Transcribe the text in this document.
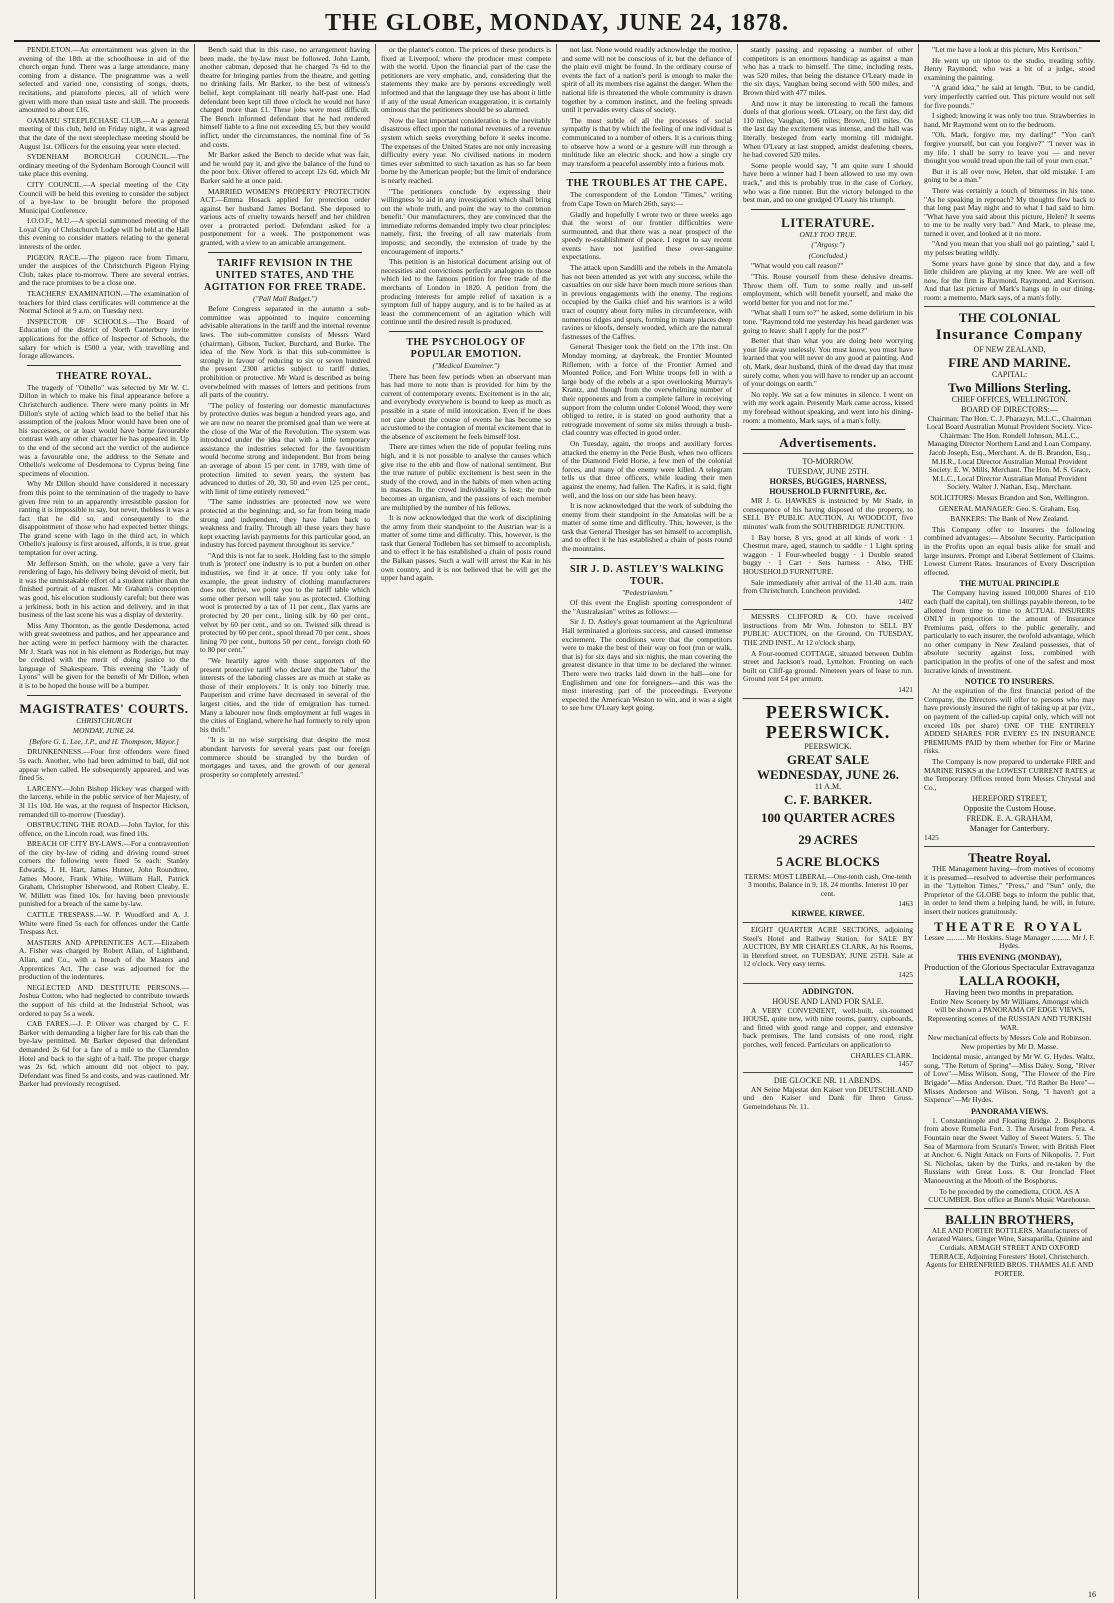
THE GLOBE, MONDAY, JUNE 24, 1878.

PENDLETON.—An entertainment was given in the evening of the 18th at the schoolhouse in aid of the church organ fund. There was a large attendance, many coming from a distance. The programme was a well selected and varied one, consisting of songs, duets, recitations, and pianoforte pieces, all of which were given with more than usual taste and skill. The proceeds amounted to about £16.

OAMARU STEEPLECHASE CLUB.—At a general meeting of this club, held on Friday night, it was agreed that the date of the next steeplechase meeting should be August 1st. Officers for the ensuing year were elected.

SYDENHAM BOROUGH COUNCIL.—The ordinary meeting of the Sydenham Borough Council will take place this evening.

CITY COUNCIL.—A special meeting of the City Council will be held this evening to consider the subject of a bye-law to be brought before the proposed Municipal Conference.

I.O.O.F., M.U.—A special summoned meeting of the Loyal City of Christchurch Lodge will be held at the Hall this evening to consider matters relating to the general interests of the order.

PIGEON RACE.—The pigeon race from Timaru, under the auspices of the Christchurch Pigeon Flying Club, takes place to-morrow. There are several entries, and the race promises to be a close one.

TEACHERS' EXAMINATION.—The examination of teachers for third class certificates will commence at the Normal School at 9 a.m. on Tuesday next.

INSPECTOR OF SCHOOLS.—The Board of Education of the district of North Canterbury invite applications for the office of Inspector of Schools, the salary for which is £500 a year, with travelling and forage allowances.

THEATRE ROYAL.

The tragedy of "Othello" was selected by Mr W. C. Dillon in which to make his final appearance before a Christchurch audience. There were many points in Mr Dillon's style of acting which lead to the belief that his assumption of the jealous Moor would have been one of his successes, or at least would have borne favourable contrast with any other character he has appeared in. Up to the end of the second act the verdict of the audience was a favourable one, the address to the Senate and Othello's welcome of Desdemona to Cyprus being fine specimens of elocution.

Why Mr Dillon should have considered it necessary from this point to the termination of the tragedy to have given free rein to an apparently irresistible passion for ranting it is impossible to say, but never, thebless it was a fact that he did so, and consequently to the disappointment of those who had expected better things. The grand scene with Iago in the third act, in which Othello's jealousy is first aroused, affords, it is true, great temptation for over acting.

Mr Jefferson Smith, on the whole, gave a very fair rendering of Iago, his delivery being devoid of merit, but it was the unmistakable effort of a student rather than the finished portrait of a master. Mr Graham's conception was good, his elocution studiously careful; but there was a jerkiness, both in his action and delivery, and in that business of the last scene his was a display of dexterity.

Miss Amy Thornton, as the gentle Desdemona, acted with great sweetness and pathos, and her appearance and her acting were in perfect harmony with the character. Mr J. Stark was not in his element as Roderigo, but may be credited with the merit of doing justice to the language of Shakespeare. This evening the "Lady of Lyons" will be given for the benefit of Mr Dillon, when it is to be hoped the house will be a bumper.

MAGISTRATES' COURTS.
CHRISTCHURCH
MONDAY, JUNE 24.
[Before G. L. Lee, J.P., and H. Thompson, Mayor.]

DRUNKENNESS.—Four first offenders were fined 5s each. Another, who had been admitted to bail, did not appear when called. He subsequently appeared, and was fined 5s.

LARCENY.—John Bishop Hickey was charged with the larceny, while in the public service of her Majesty, of 3l 11s 10d. He was, at the request of Inspector Hickson, remanded till to-morrow (Tuesday).

OBSTRUCTING THE ROAD.—John Taylor, for this offence, on the Lincoln road, was fined 10s.

BREACH OF CITY BY-LAWS.—For a contravention of the city by-law of riding and driving round street corners the following were fined 5s each: Stanley Edwards, J. H. Hart, James Hunter, John Roundtree, James Moore, Frank White, William Hall, Patrick Graham, Christopher Isherwood, and Robert Cleaby. E. W. Millett was fined 10s. for having been previously punished for a breach of the same by-law.

CATTLE TRESPASS.—W. P. Woodford and A. J. White were fined 5s each for offences under the Cattle Trespass Act.

MASTERS AND APPRENTICES ACT.—Elizabeth A. Fisher was charged by Robert Allan, of Lightband, Allan, and Co., with a breach of the Masters and Apprentices Act. The case was adjourned for the production of the indentures.

NEGLECTED AND DESTITUTE PERSONS.—Joshua Cotton, who had neglected to contribute towards the support of his child at the Industrial School, was ordered to pay 5s a week.

CAB FARES.—J. P. Oliver was charged by C. F. Barker with demanding a higher fare for his cab than the bye-law permitted. Mr Barker deposed that defendant demanded 2s 6d for a fare of a mile to the Clarendon Hotel and back to the sight of a half. The proper charge was 2s 6d, which amount did not object to pay. Defendant was fined 5s and costs, and was cautioned. Mr Barker had previously recognised.

Bench said that in this case, no arrangement having been made, the by-law must be followed. John Lamb, another cabman, deposed that he charged 7s 6d to the theatre for bringing parties from the theatre, and getting no drinking fails. Mr Barker, to the best of witness's belief, kept complainant till nearly half-past one. Had defendant been kept till three o'clock he would not have charged more than £1. These jobs were most difficult. The Bench informed defendant that he had rendered himself liable to a fine not exceeding £5, but they would inflict, under the circumstances, the nominal fine of 5s and costs.

Mr Barker asked the Bench to decide what was fair, and he would pay it, and give the balance of the fund to the poor box. Oliver offered to accept 12s 6d, which Mr Barker said he at once paid.

MARRIED WOMEN'S PROPERTY PROTECTION ACT.—Emma Hosack applied for protection order against her husband James Borland. She deposed to various acts of cruelty towards herself and her children over a protracted period. Defendant asked for a postponement for a week. The postponement was granted, with a view to an amicable arrangement.

TARIFF REVISION IN THE UNITED STATES, AND THE AGITATION FOR FREE TRADE.
("Pall Mall Budget.")

Before Congress separated in the autumn a sub-committee was appointed to inquire concerning advisable alterations in the tariff and the internal revenue laws. The sub-committee consists of Messrs Ward (chairman), Gibson, Tucker, Burchard, and Burke. The idea of the New York is that this sub-committee is strongly in favour of reducing to six or seven hundred the present 2300 articles subject to tariff duties, prohibition or protective. Mr Ward is described as being overwhelmed with masses of letters and petitions from all parts of the country.

"The policy of fostering our domestic manufactures by protective duties was begun a hundred years ago, and we are now no nearer the promised goal than we were at the close of the War of the Revolution. The system was introduced under the idea that with a little temporary assistance the industries selected for the favouritism would become strong and independent. But from being an average of about 15 per cent. in 1789, with time of protection limited to seven years, the system has advanced to duties of 20, 30, 50 and even 125 per cent., with limit of time entirely removed."

"The same industries are protected now we were protected at the beginning; and, so far from being made strong and independent, they have fallen back to weakness and frailty. Through all these years they have kept exacting lavish payments for this particular good, an industry has forced payment throughout its service."

"And this is not far to seek. Holding fast to the simple truth is 'protect' one industry is to put a burden on other industries, we find it at once. If you only take for example, the great industry of clothing manufacturers does not thrive, we point you to the tariff table which some other person will take you as protected. Clothing wool is protected by a tax of 11 per cent., flax yarns are protected by 20 per cent., lining silk by 60 per cent., velvet by 60 per cent., and so on. Twisted silk thread is protected by 60 per cent., spool thread 70 per cent., shoes lining 70 per cent., buttons 50 per cent., foreign cloth 60 to 80 per cent."

"We heartily agree with those supporters of the present protective tariff who declare that the 'labor' the interests of the laboring classes are as much at stake as those of their employers.' It is only too bitterly true. Pauperism and crime have decreased in several of the largest cities, and the tide of emigration has turned. Many a labourer now finds employment at full wages in the cities of England, where he had formerly to rely upon his thrift."

"It is in no wise surprising that despite the most abundant harvests for several years past our foreign commerce should be strangled by the burden of mortgages and taxes, and the growth of our general prosperity so completely arrested."

or the planter's cotton. The prices of these products is fixed at Liverpool, where the producer must compete with the world. Upon the financial part of the case the petitioners are very emphatic, and, considering that the statements they make are by persons exceedingly well informed and that the language they use has about it little if any of the usual American exaggeration, it is certainly ominous that the petitioners should be so alarmed.

Now the last important consideration is the inevitably disastrous effect upon the national revenues of a revenue system which seeks everything before it seeks income. The expenses of the United States are not only increasing difficulty every year. No civilised nations in modern times ever submitted to such taxation as has so far been borne by the American people; but the limit of endurance is nearly reached.

"The petitioners conclude by expressing their willingness 'to aid in any investigation which shall bring out the whole truth, and point the way to the common benefit.' Our manufacturers, they are convinced that the immediate reforms demanded imply two clear principles: namely, first, the freeing of all raw materials from imposts; and secondly, the extension of trade by the encouragement of imports."

This petition is an historical document arising out of necessities and convictions perfectly analogous to those which led to the famous petition for free trade of the merchants of London in 1820. A petition from the producing interests for ample relief of taxation is a symptom full of happy augury, and is to be hailed as at least the commencement of an agitation which will continue until the desired result is produced.

THE PSYCHOLOGY OF POPULAR EMOTION.
("Medical Examiner.")

There has been few periods when an observant man has had more to note than is provided for him by the current of contemporary events. Excitement is in the air, and everybody everywhere is bound to keep as much as possible in a state of mild intoxication. Even if he does not care about the course of events he has become so accustomed to the contagion of mental excitement that in the absence of excitement he feels himself lost.

There are times when the tide of popular feeling runs high, and it is not possible to analyse the causes which give rise to the ebb and flow of national sentiment. But the true nature of public excitement is best seen in the study of the crowd, and in the habits of men when acting in masses. In the crowd individuality is lost; the mob becomes an organism, and the passions of each member are multiplied by the number of his fellows.

It is now acknowledged that the work of disciplining the army from their standpoint to the Austrian war is a matter of some time and difficulty. This, however, is the task that General Todleben has set himself to accomplish, and to effect it he has established a chain of posts round the Balkan passes. Such a wall will arrest the Kat in his own country, and it is not believed that he will get the upper hand again.

not last. None would readily acknowledge the motive, and some will not be conscious of it, but the defiance of the plain evil might be found. In the ordinary course of events the fact of a nation's peril is enough to make the spirit of all its members rise against the danger. When the national life is threatened the whole community is drawn together by a common instinct, and the feeling spreads until it pervades every class of society.

The most subtle of all the processes of social sympathy is that by which the feeling of one individual is communicated to a number of others. It is a curious thing to observe how a word or a gesture will run through a multitude like an electric shock, and how a single cry may transform a peaceful assembly into a furious mob.

THE TROUBLES AT THE CAPE.

The correspondent of the London "Times," writing from Cape Town on March 26th, says:—

Gladly and hopefully I wrote two or three weeks ago that the worst of our frontier difficulties were surmounted, and that there was a near prospect of the speedy re-establishment of peace. I regret to say recent events have not justified these over-sanguine expectations.

The attack upon Sandilli and the rebels in the Amatola has not been attended as yet with any success, while the casualties on our side have been much more serious than in previous engagements with the enemy. The regions occupied by the Gaika chief and his warriors is a wild tract of country about forty miles in circumference, with numerous ridges and spurs, forming in many places deep ravines or kloofs, densely wooded, which are the natural fastnesses of the Caffres.

General Thesiger took the field on the 17th inst. On Monday morning, at daybreak, the Frontier Mounted Riflemen, with a force of the Frontier Armed and Mounted Police, and Fort White troops fell in with a large body of the rebels at a spot overlooking Murray's Krantz, and though from the overwhelming number of their opponents and from a complete failure in receiving support from the column under Colonel Wood, they were obliged to retire, it is stated on good authority that a retrograde movement of some six miles through a bush-clad country was effected in good order.

On Tuesday, again, the troops and auxiliary forces attacked the enemy in the Perie Bush, when two officers of the Diamond Field Horse, a few men of the colonial forces, and many of the enemy were killed. A telegram tells us that three officers, while leading their men against the enemy, had fallen. The Kafirs, it is said, fight well, and the loss on our side has been heavy.

It is now acknowledged that the work of subduing the enemy from their standpoint in the Amatolas will be a matter of some time and difficulty. This, however, is the task that General Thesiger has set himself to accomplish, and to effect it he has established a chain of posts round the mountains.

SIR J. D. ASTLEY'S WALKING TOUR.
"Pedestrianism."

Of this event the English sporting correspondent of the "Australasian" writes as follows:—

Sir J. D. Astley's great tournament at the Agricultural Hall terminated a glorious success, and caused immense excitement. The conditions were that the competitors were to make the best of their way on foot (run or walk, that is) for six days and six nights, the man covering the greatest distance in that time to be declared the winner. There were two tracks laid down in the hall—one for Englishmen and one for foreigners—and this was the most interesting part of the proceedings. Everyone expected the American Weston to win, and it was a sight to see how O'Leary kept going.

stantly passing and repassing a number of other competitors is an enormous handicap as against a man who has a track to himself. The time, including rests, was 520 miles, that being the distance O'Leary made in the six days, Vaughan being second with 500 miles, and Brown third with 477 miles.

And now it may be interesting to recall the famous duels of that glorious week. O'Leary, on the first day, did 110 miles; Vaughan, 106 miles; Brown, 101 miles. On the last day the excitement was intense, and the hall was literally besieged from early morning till midnight. When O'Leary at last stopped, amidst deafening cheers, he had covered 520 miles.

Some people would say, "I am quite sure I should have been a winner had I been allowed to use my own track," and this is probably true in the case of Corkey, who was a fine runner. But the victory belonged to the best man, and no one grudged O'Leary his triumph.

LITERATURE.
ONLY TOO TRUE.
("Argosy.")
(Concluded.)

"What would you call reason?"

"This. Rouse yourself from these delusive dreams. Throw them off. Turn to some really and un-self employment, which will benefit yourself, and make the world better for you and not for me."

"What shall I turn to?" he asked, some delirium in his tone. "Raymond told me yesterday his head gardener was going to leave: shall I apply for the post?"

Better that than what you are doing here worrying your life away uselessly. You must know, you must have learned that you will never do any good at painting. And oh, Mark, dear husband, think of the dread day that must surely come, when you will have to render up an account of your doings on earth."

No reply. We sat a few minutes in silence. I went on with my work again. Presently Mark came across, kissed my forehead without speaking, and went into his dining-room: a momento, Mark says, of a man's folly.

Advertisements.
TO-MORROW.
TUESDAY, JUNE 25TH.
HORSES, BUGGIES, HARNESS, HOUSEHOLD FURNITURE, &c.

MR J. G. HAWKES is instructed by Mr Stade, in consequence of his having disposed of the property, to SELL BY PUBLIC AUCTION, At WOODCOT, five minutes' walk from the SOUTHBRIDGE JUNCTION.

1 Bay horse, 8 yrs, good at all kinds of work · 1 Chestnut mare, aged, staunch to saddle · 1 Light spring waggon · 1 Four-wheeled buggy · 1 Double seated buggy · 1 Cart · Sets harness · Also, THE HOUSEHOLD FURNITURE.

Sale immediately after arrival of the 11.40 a.m. train from Christchurch. Luncheon provided.

1402

MESSRS CLIFFORD & CO. have received instructions from Mr Wm. Johnston to SELL BY PUBLIC AUCTION, on the Ground, On TUESDAY, THE 2ND INST., At 12 o'clock sharp,

A Four-roomed COTTAGE, situated between Dublin street and Jackson's road, Lyttelton. Fronting on each built on Cliff-ga ground. Nineteen years of lease to run. Ground rent £4 per annum.

1421
PEERSWICK. PEERSWICK.
PEERSWICK.
GREAT SALE
WEDNESDAY, JUNE 26.
11 A.M.
C. F. BARKER.
100 QUARTER ACRES
29 ACRES
5 ACRE BLOCKS

TERMS: MOST LIBERAL—One-tenth cash, One-tenth 3 months, Balance in 9, 18, 24 months. Interest 10 per cent.

1463
KIRWEE. KIRWEE.

EIGHT QUARTER ACRE SECTIONS, adjoining Steel's Hotel and Railway Station, for SALE BY AUCTION, BY MR CHARLES CLARK, At his Rooms, in Hereford street, on TUESDAY, JUNE 25TH. Sale at 12 o'clock. Very easy terms.

1425
ADDINGTON.
HOUSE AND LAND FOR SALE.

A VERY CONVENIENT, well-built, six-roomed HOUSE, quite new, with nine rooms, pantry, cupboards, and fitted with good range and copper, and extensive back premises. The land consists of one rood, right porches, well fenced. Particulars on application to

CHARLES CLARK.
1457
DIE GLOCKE NR. 11 ABENDS.

AN Seine Majestat den Kaiser von DEUTSCHLAND und den Kaiser und Dank für Ihren Gruss. Gemeindehaus Nr. 11.

"Let me have a look at this picture, Mrs Kerrison."

He went up on tiptoe to the studio, treading softly. Henry Raymond, who was a bit of a judge, stood examining the painting.

"A grand idea," he said at length. "But, to be candid, very imperfectly carried out. This picture would not sell for five pounds."

I sighed; knowing it was only too true. Strawberries in hand, Mr Raymond went on to the bedroom.

"Oh, Mark, forgive me, my darling!" "You can't forgive yourself, but can you forgive?" "I never was in my life. I shall be sorry to leave you — and never thought you would tread upon the tail of your own coat."

But it is all over now, Helen, that old mistake. I am going to be a man."

There was certainly a touch of bitterness in his tone. "As he speaking in reproach? My thoughts flew back to that long past May night and to what I had said to him. "What have you said about this picture, Helen? It seems to me to be really very bad." And Mark, to please me, turned it over, and looked at it no more.

"And you mean that you shall not go painting," said I, my pulses beating wildly.

Some years have gone by since that day, and a few little children are playing at my knee. We are well off now, for the firm is Raymond, Raymond, and Kerrison. And that last picture of Mark's hangs up in our dining-room: a memento, Mark says, of a man's folly.

THE COLONIAL
Insurance Company
OF NEW ZEALAND,
FIRE AND MARINE.
CAPITAL:
Two Millions Sterling.
CHIEF OFFICES, WELLINGTON.
BOARD OF DIRECTORS:—

Chairman: The Hon. C. J. Pharazyn, M.L.C., Chairman Local Board Australian Mutual Provident Society. Vice-Chairman: The Hon. Rondell Johnson, M.L.C., Managing Director Northern Land and Loan Company. Jacob Joseph, Esq., Merchant. A. de B. Brandon, Esq., M.H.R., Local Director Australian Mutual Provident Society. E. W. Mills, Merchant. The Hon. M. S. Grace, M.L.C., Local Director Australian Mutual Provident Society. Walter J. Nathan, Esq., Merchant.

SOLICITORS: Messrs Brandon and Son, Wellington.

GENERAL MANAGER: Geo. S. Graham, Esq.

BANKERS: The Bank of New Zealand.

This Company offer to Insurers the following combined advantages:— Absolute Security. Participation in the Profits upon an equal basis alike for small and large insurers. Prompt and Liberal Settlement of Claims. Lowest Current Rates. Insurances of Every Description effected.

THE MUTUAL PRINCIPLE

The Company having issued 100,000 Shares of £10 each (half the capital), ten shillings payable thereon, to be allotted from time to time to ACTUAL INSURERS ONLY in proportion to the amount of Insurance Premiums paid, offers to the public generally, and particularly to each insurer, the twofold advantage, which no other company in New Zealand possesses, that of absolute security against loss, combined with participation in the profits of one of the safest and most lucrative kinds of investment.

NOTICE TO INSURERS.

At the expiration of the first financial period of the Company, the Directors will offer to persons who may have previously insured the right of taking up at par (viz., on payment of the called-up capital only, which will not exceed 10s per share) ONE OF THE ENTIRELY ADDED SHARES FOR EVERY £5 IN INSURANCE PREMIUMS PAID by them whether for Fire or Marine risks.

The Company is now prepared to undertake FIRE and MARINE RISKS at the LOWEST CURRENT RATES at the Temporary Offices rented from Messrs Chrystal and Co.,

HEREFORD STREET,
Opposite the Custom House.
FREDK. E. A. GRAHAM,
Manager for Canterbury.
1425
Theatre Royal.

THE Management having—from motives of economy it is presumed—resolved to advertise their performances in the "Lyttelton Times," "Press," and "Sun" only, the Proprietor of the GLOBE begs to inform the public that, in order to lend them a helping hand, he will, in future, insert their notices gratuitously.

THEATRE ROYAL

Lessee .......... Mr Hoskins. Stage Manager .......... Mr J. F. Hydes.

THIS EVENING (MONDAY),
Production of the Glorious Spectacular Extravaganza
LALLA ROOKH,
Having been two months in preparation.

Entire New Scenery by Mr Williams, Amongst which will be shown a PANORAMA OF EDGE VIEWS, Representing scenes of the RUSSIAN AND TURKISH WAR.

New mechanical effects by Messrs Cole and Robinson. New properties by Mr D. Masse.

Incidental music, arranged by Mr W. G. Hydes. Waltz, song, "The Return of Spring"—Miss Daley. Song, "River of Love"—Miss Wilson. Song, "The Flower of the Fire Brigade"—Miss Anderson. Duet, "I'd Rather Be Here"—Misses Anderson and Wilson. Song, "I haven't got a Sixpence"—Mr Hydes.

PANORAMA VIEWS.

1. Constantinople and Floating Bridge. 2. Bosphorus from above Rumelia Fort. 3. The Arsenal from Pera. 4. Fountain near the Sweet Valley of Sweet Waters. 5. The Sea of Marmora from Scutari's Tower, with British Fleet at Anchor. 6. Night Attack on Forts of Nikopolis. 7. Fort St. Nicholas, taken by the Turks, and re-taken by the Russians with Great Loss. 8. Our Ironclad Fleet Manoeuvring at the Mouth of the Bosphorus.

To be preceded by the comedietta, COOL AS A CUCUMBER. Box office at Bunn's Music Warehouse.

BALLIN BROTHERS,

ALE AND PORTER BOTTLERS. Manufacturers of Aerated Waters, Ginger Wine, Sarsaparilla, Quinine and Cordials. ARMAGH STREET AND OXFORD TERRACE, Adjoining Foresters' Hotel, Christchurch. Agents for EHRENFRIED BROS. THAMES ALE AND PORTER.

16
